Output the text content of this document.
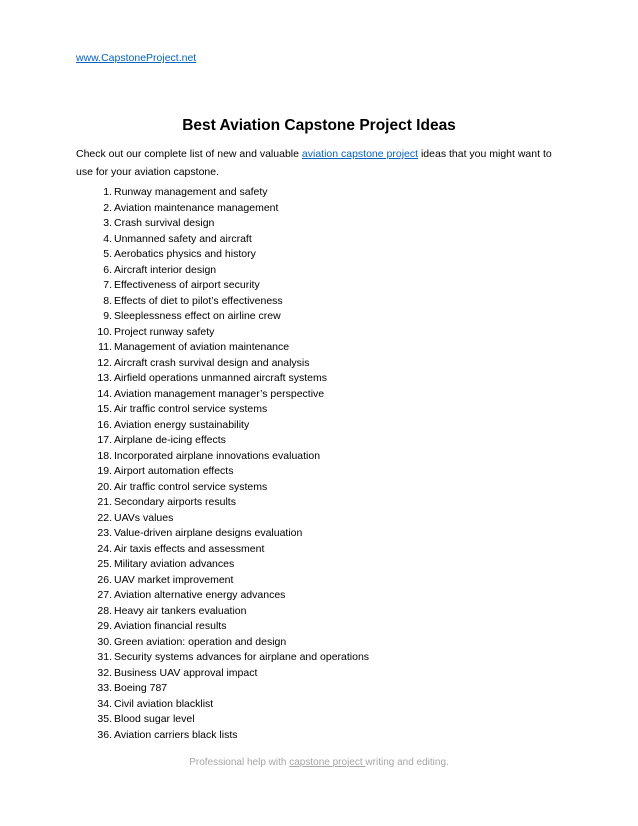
www.CapstoneProject.net
Best Aviation Capstone Project Ideas

Check out our complete list of new and valuable aviation capstone project ideas that you might want to use for your aviation capstone.

1. Runway management and safety
2. Aviation maintenance management
3. Crash survival design
4. Unmanned safety and aircraft
5. Aerobatics physics and history
6. Aircraft interior design
7. Effectiveness of airport security
8. Effects of diet to pilot’s effectiveness
9. Sleeplessness effect on airline crew
10. Project runway safety
11. Management of aviation maintenance
12. Aircraft crash survival design and analysis
13. Airfield operations unmanned aircraft systems
14. Aviation management manager’s perspective
15. Air traffic control service systems
16. Aviation energy sustainability
17. Airplane de-icing effects
18. Incorporated airplane innovations evaluation
19. Airport automation effects
20. Air traffic control service systems
21. Secondary airports results
22. UAVs values
23. Value-driven airplane designs evaluation
24. Air taxis effects and assessment
25. Military aviation advances
26. UAV market improvement
27. Aviation alternative energy advances
28. Heavy air tankers evaluation
29. Aviation financial results
30. Green aviation: operation and design
31. Security systems advances for airplane and operations
32. Business UAV approval impact
33. Boeing 787
34. Civil aviation blacklist
35. Blood sugar level
36. Aviation carriers black lists
Professional help with capstone project writing and editing.
